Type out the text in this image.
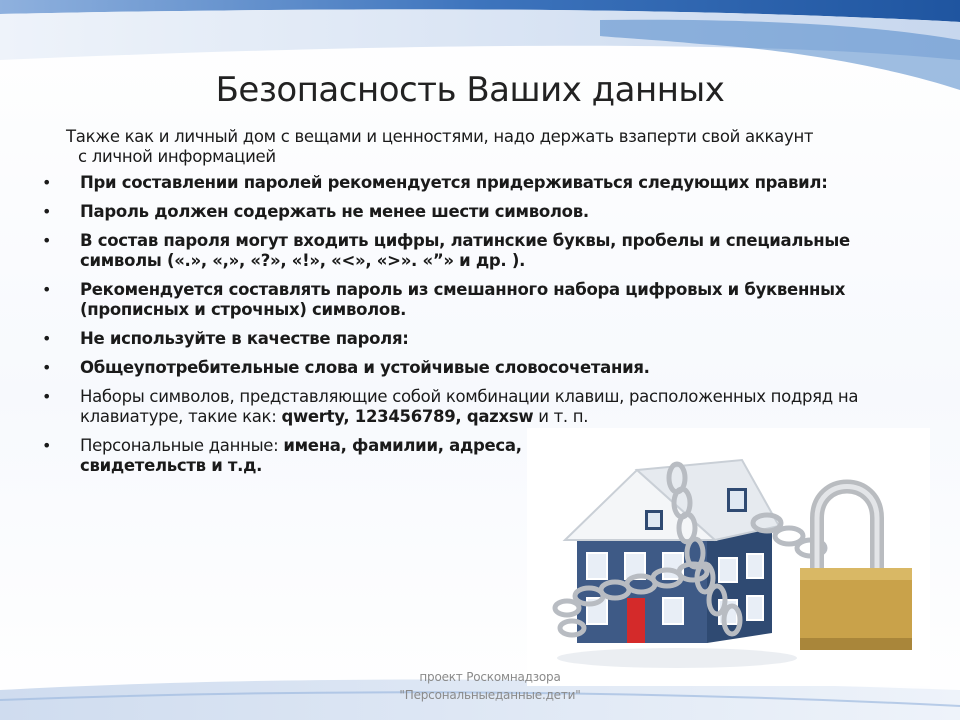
Безопасность Ваших данных
Также как и личный дом с вещами и ценностями, надо держать взаперти свой аккаунт
с личной информацией
• При составлении паролей рекомендуется придерживаться следующих правил:
• Пароль должен содержать не менее шести символов.
• В состав пароля могут входить цифры, латинские буквы, пробелы и специальные символы («.», «,», «?», «!», «<», «>». «”» и др. ).
• Рекомендуется составлять пароль из смешанного набора цифровых и буквенных (прописных и строчных) символов.
• Не используйте в качестве пароля:
• Общеупотребительные слова и устойчивые словосочетания.
• Наборы символов, представляющие собой комбинации клавиш, расположенных подряд на клавиатуре, такие как: qwerty, 123456789, qazxsw и т. п.
• Персональные данные: имена, фамилии, адреса, номера паспортов, страховых свидетельств и т.д.
проект Роскомнадзора
"Персональныеданные.дети"
